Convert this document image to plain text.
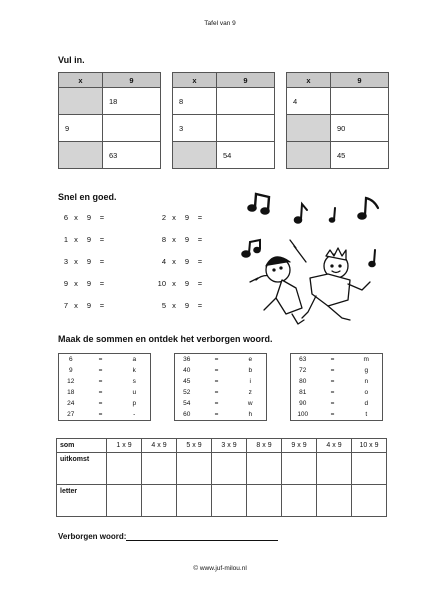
Tafel van 9
Vul in.
x	9
	18
9	
	63
x	9
8	
3	
	54
x	9
4	
	90
	45
Snel en goed.
6 x	9	=
1 x	9	=
3 x	9	=
9 x	9	=
7 x	9	=
2 x	9	=
8 x	9	=
4 x	9	=
10 x	9	=
5 x	9	=
Maak de sommen en ontdek het verborgen woord.
6	=	a
9	=	k
12	=	s
18	=	u
24	=	p
27	=	-
36	=	e
40	=	b
45	=	i
52	=	z
54	=	w
60	=	h
63	=	m
72	=	g
80	=	n
81	=	o
90	=	d
100	=	t
som	1 x 9	4 x 9	5 x 9	3 x 9	8 x 9	9 x 9	4 x 9	10 x 9
uitkomst								
letter								
Verborgen woord:
© www.juf-milou.nl
